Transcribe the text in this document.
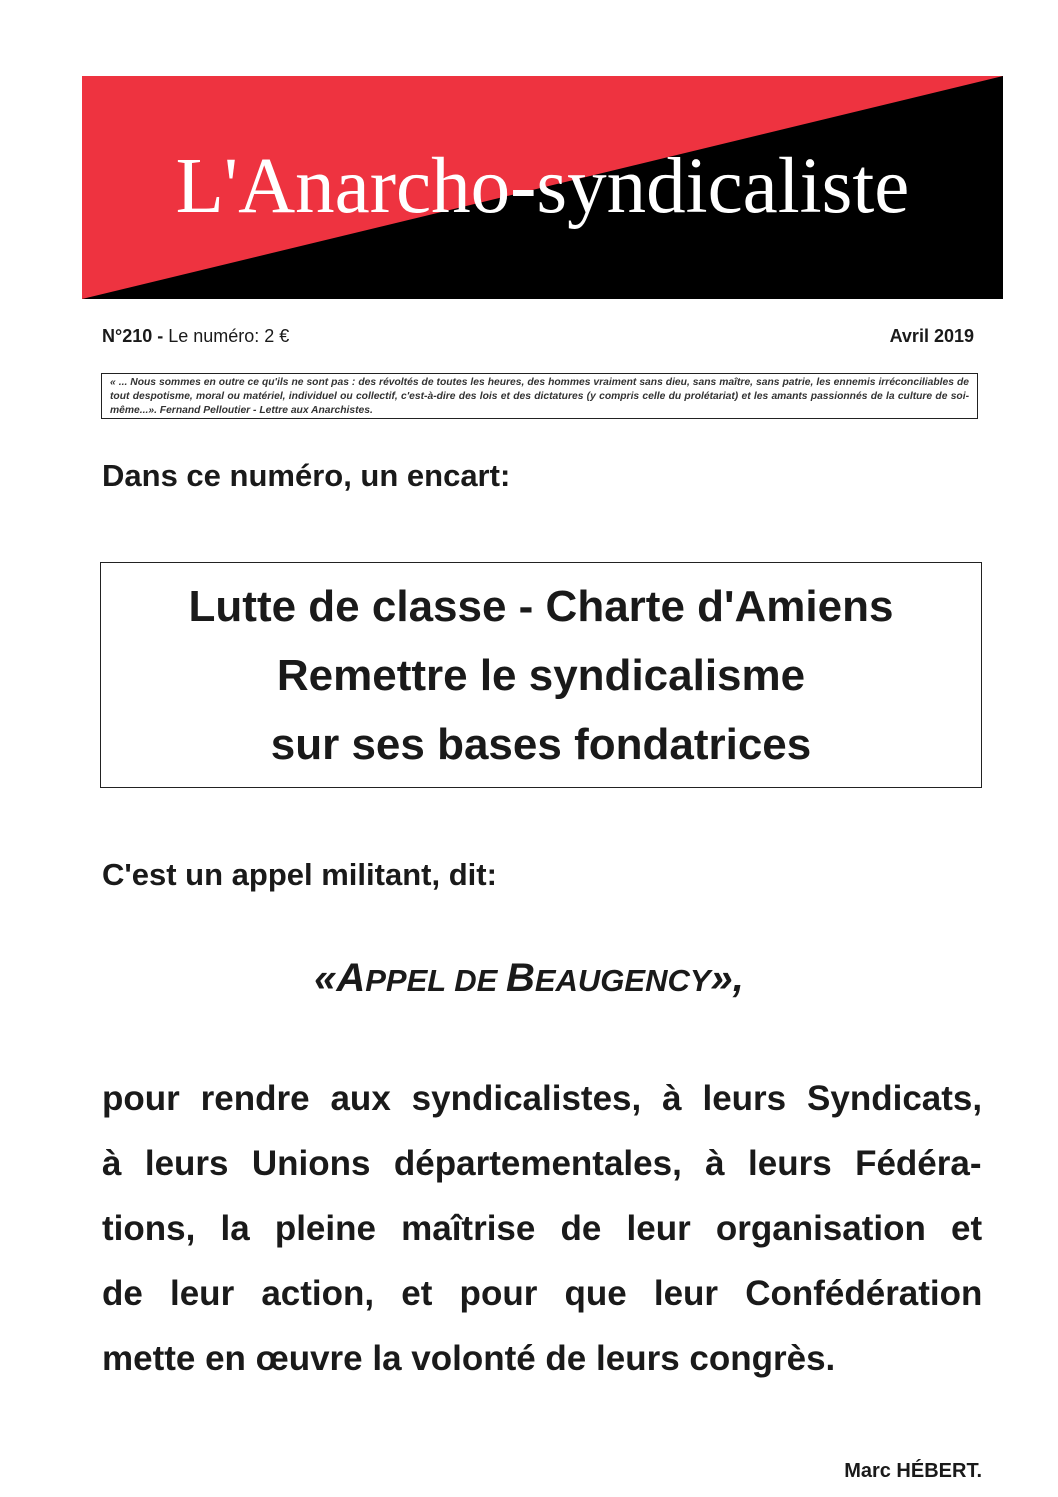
L'Anarcho-syndicaliste
N°210 - Le numéro: 2 €	Avril 2019
« ... Nous sommes en outre ce qu'ils ne sont pas : des révoltés de toutes les heures, des hommes vraiment sans dieu, sans maître, sans patrie, les ennemis irréconciliables de tout despotisme, moral ou matériel, individuel ou collectif, c'est-à-dire des lois et des dictatures (y compris celle du prolétariat) et les amants passionnés de la culture de soi-même...». Fernand Pelloutier - Lettre aux Anarchistes.
Dans ce numéro, un encart:
Lutte de classe - Charte d'Amiens
Remettre le syndicalisme
sur ses bases fondatrices
C'est un appel militant, dit:
«APPEL DE BEAUGENCY»,
pour rendre aux syndicalistes, à leurs Syndicats,
à leurs Unions départementales, à leurs Fédéra-
tions, la pleine maîtrise de leur organisation et
de leur action, et pour que leur Confédération
mette en œuvre la volonté de leurs congrès.
Marc HÉBERT.
